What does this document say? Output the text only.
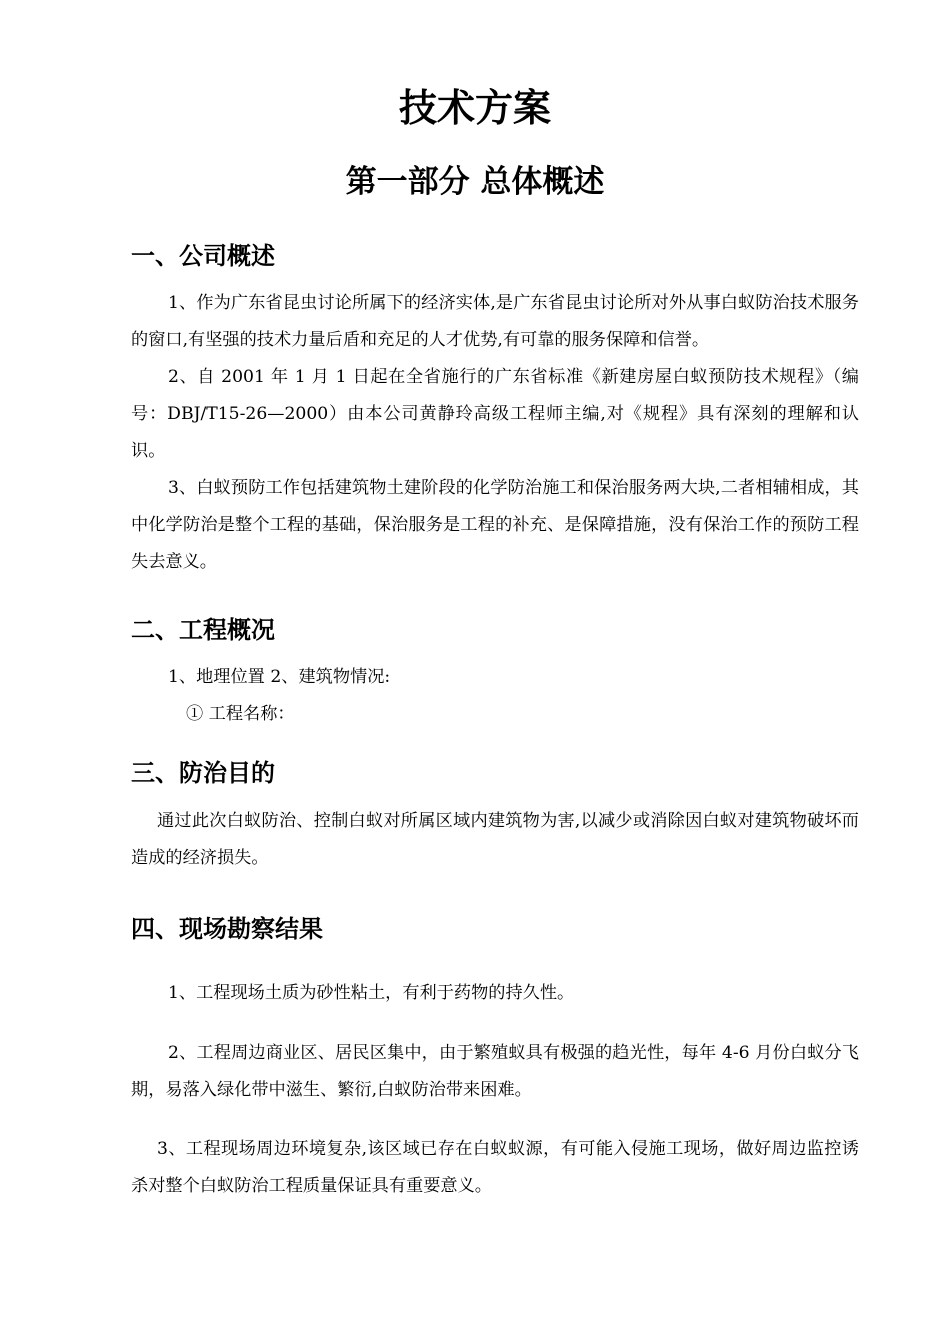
技术方案
第一部分 总体概述
一、公司概述
1、作为广东省昆虫讨论所属下的经济实体,是广东省昆虫讨论所对外从事白蚁防治技术服务的窗口,有坚强的技术力量后盾和充足的人才优势,有可靠的服务保障和信誉。
2、自 2001 年 1 月 1 日起在全省施行的广东省标准《新建房屋白蚁预防技术规程》（编号：DBJ/T15-26—2000）由本公司黄静玲高级工程师主编,对《规程》具有深刻的理解和认识。
3、白蚁预防工作包括建筑物土建阶段的化学防治施工和保治服务两大块,二者相辅相成，其中化学防治是整个工程的基础，保治服务是工程的补充、是保障措施，没有保治工作的预防工程失去意义。
二、工程概况
1、地理位置 2、建筑物情况:
① 工程名称：
三、防治目的
通过此次白蚁防治、控制白蚁对所属区域内建筑物为害,以减少或消除因白蚁对建筑物破坏而造成的经济损失。
四、现场勘察结果
1、工程现场土质为砂性粘土，有利于药物的持久性。
2、工程周边商业区、居民区集中，由于繁殖蚁具有极强的趋光性，每年 4-6 月份白蚁分飞期，易落入绿化带中滋生、繁衍,白蚁防治带来困难。
3、工程现场周边环境复杂,该区域已存在白蚁蚁源，有可能入侵施工现场，做好周边监控诱杀对整个白蚁防治工程质量保证具有重要意义。
